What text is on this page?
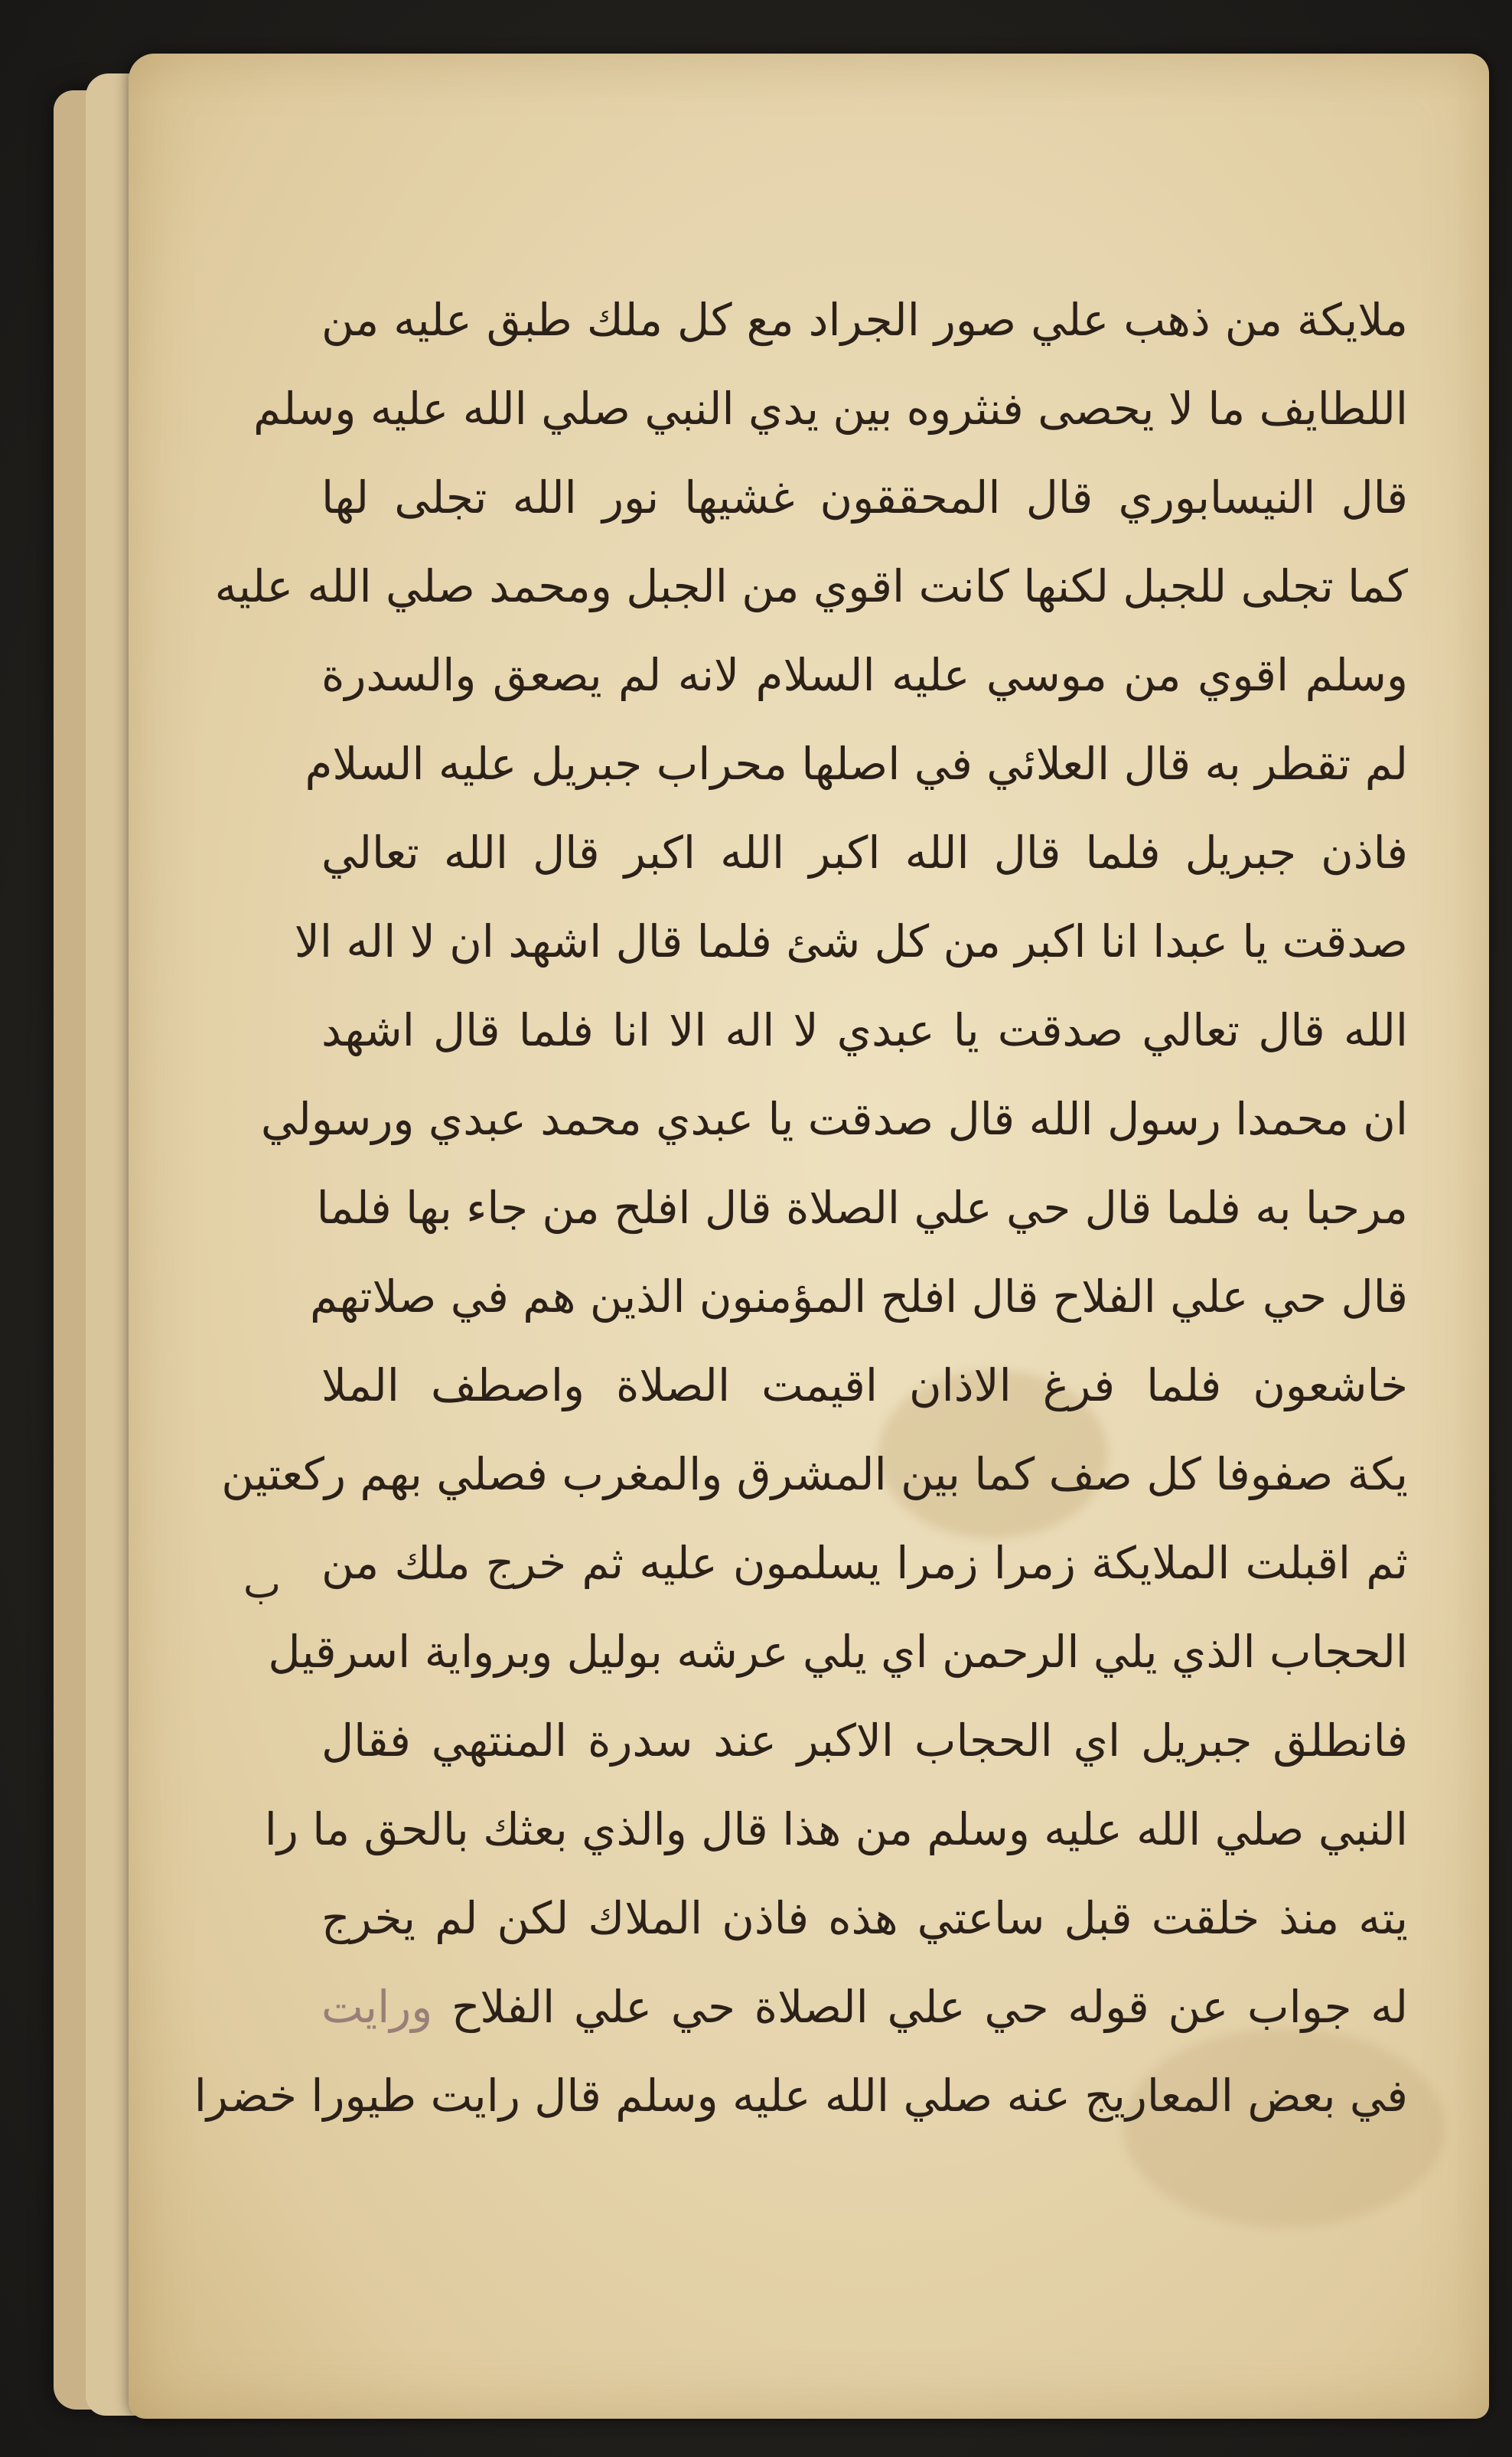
ب
ملايكة من ذهب علي صور الجراد مع كل ملك طبق عليه من
اللطايف ما لا يحصى فنثروه بين يدي النبي صلي الله عليه وسلم
قال النيسابوري قال المحققون غشيها نور الله تجلى لها
كما تجلى للجبل لكنها كانت اقوي من الجبل ومحمد صلي الله عليه
وسلم اقوي من موسي عليه السلام لانه لم يصعق والسدرة
لم تقطر به قال العلائي في اصلها محراب جبريل عليه السلام
فاذن جبريل فلما قال الله اكبر الله اكبر قال الله تعالي
صدقت يا عبدا انا اكبر من كل شئ فلما قال اشهد ان لا اله الا
الله قال تعالي صدقت يا عبدي لا اله الا انا فلما قال اشهد
ان محمدا رسول الله قال صدقت يا عبدي محمد عبدي ورسولي
مرحبا به فلما قال حي علي الصلاة قال افلح من جاء بها فلما
قال حي علي الفلاح قال افلح المؤمنون الذين هم في صلاتهم
خاشعون فلما فرغ الاذان اقيمت الصلاة واصطف الملا
يكة صفوفا كل صف كما بين المشرق والمغرب فصلي بهم ركعتين
ثم اقبلت الملايكة زمرا زمرا يسلمون عليه ثم خرج ملك من
الحجاب الذي يلي الرحمن اي يلي عرشه بوليل وبرواية اسرقيل
فانطلق جبريل اي الحجاب الاكبر عند سدرة المنتهي فقال
النبي صلي الله عليه وسلم من هذا قال والذي بعثك بالحق ما را
يته منذ خلقت قبل ساعتي هذه فاذن الملاك لكن لم يخرج
له جواب عن قوله حي علي الصلاة حي علي الفلاح ورايت
في بعض المعاريج عنه صلي الله عليه وسلم قال رايت طيورا خضرا
